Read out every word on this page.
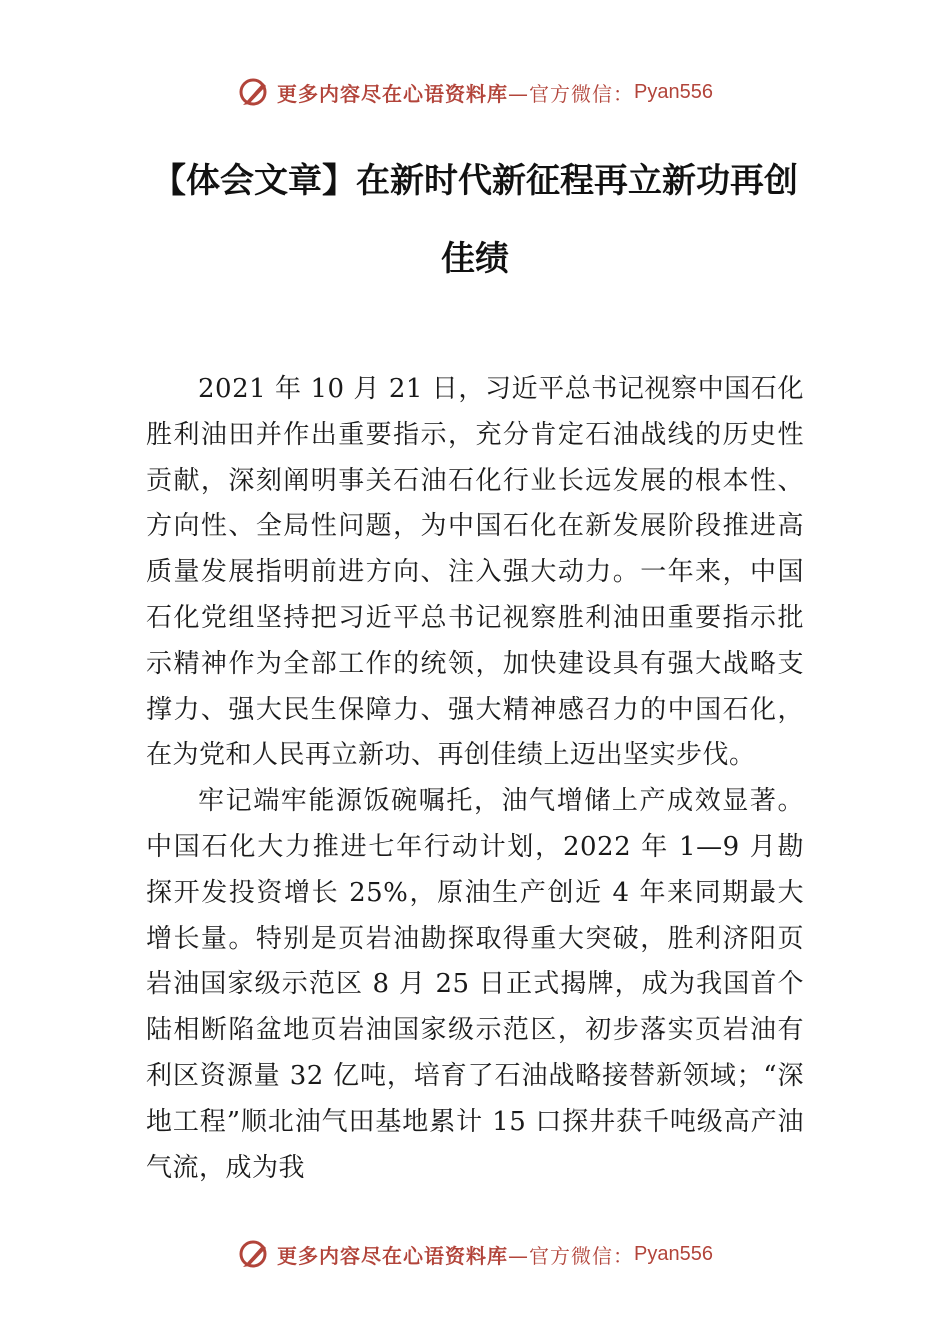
更多内容尽在心语资料库 —官方微信： Pyan556
【体会文章】在新时代新征程再立新功再创佳绩

2021 年 10 月 21 日，习近平总书记视察中国石化胜利油田并作出重要指示，充分肯定石油战线的历史性贡献，深刻阐明事关石油石化行业长远发展的根本性、方向性、全局性问题，为中国石化在新发展阶段推进高质量发展指明前进方向、注入强大动力。一年来，中国石化党组坚持把习近平总书记视察胜利油田重要指示批示精神作为全部工作的统领，加快建设具有强大战略支撑力、强大民生保障力、强大精神感召力的中国石化，在为党和人民再立新功、再创佳绩上迈出坚实步伐。

牢记端牢能源饭碗嘱托，油气增储上产成效显著。中国石化大力推进七年行动计划，2022 年 1—9 月勘探开发投资增长 25%，原油生产创近 4 年来同期最大增长量。特别是页岩油勘探取得重大突破，胜利济阳页岩油国家级示范区 8 月 25 日正式揭牌，成为我国首个陆相断陷盆地页岩油国家级示范区，初步落实页岩油有利区资源量 32 亿吨，培育了石油战略接替新领域；“深地工程”顺北油气田基地累计 15 口探井获千吨级高产油气流，成为我

更多内容尽在心语资料库 —官方微信： Pyan556
